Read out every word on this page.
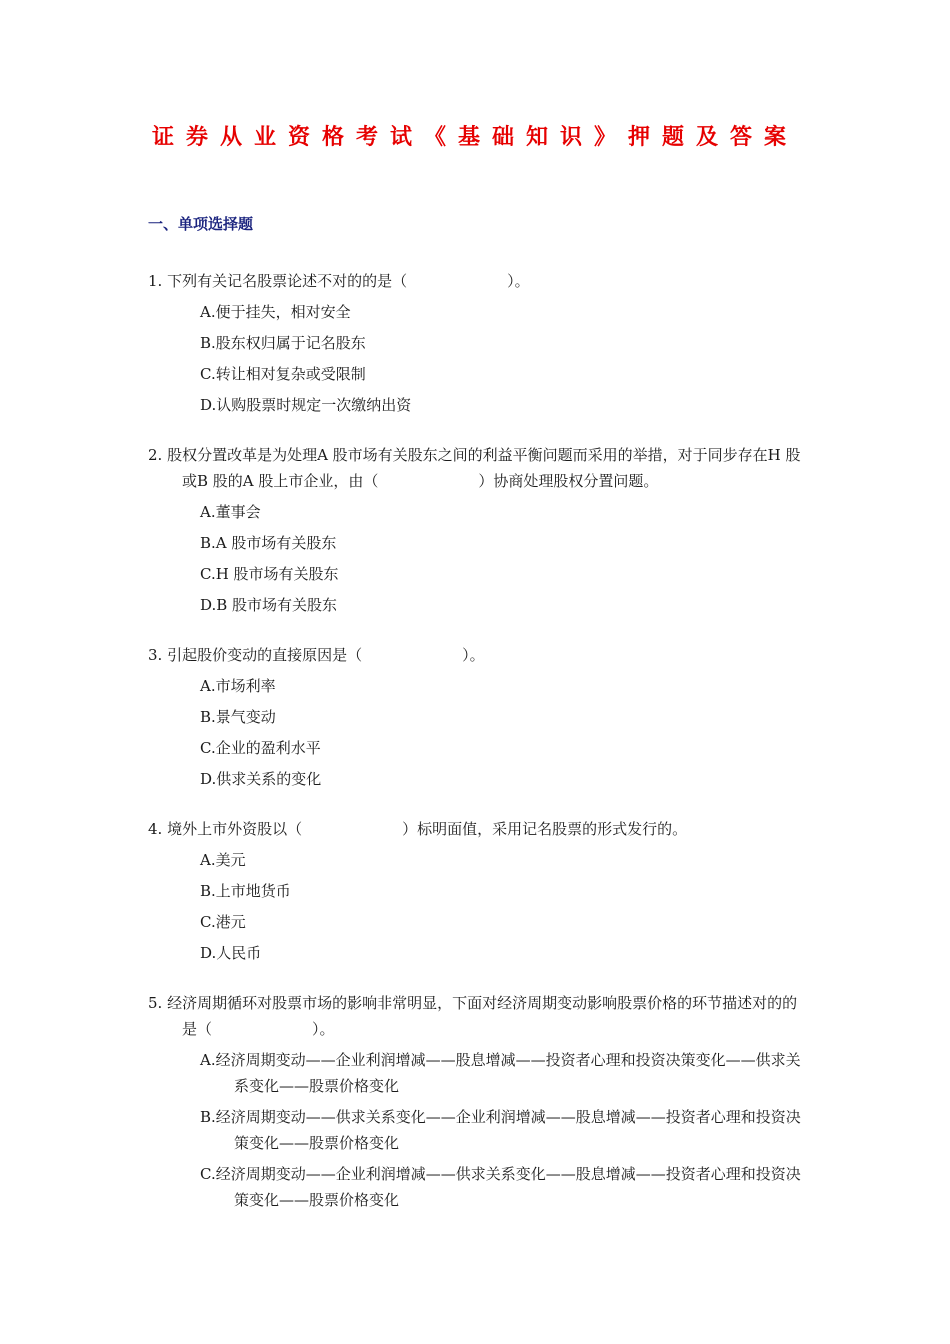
证券从业资格考试《基础知识》押题及答案
一、单项选择题
1. 下列有关记名股票论述不对的的是（	）。
A.便于挂失，相对安全
B.股东权归属于记名股东
C.转让相对复杂或受限制
D.认购股票时规定一次缴纳出资
2. 股权分置改革是为处理A 股市场有关股东之间的利益平衡问题而采用的举措，对于同步存在H 股或B 股的A 股上市企业，由（	）协商处理股权分置问题。
A.董事会
B.A 股市场有关股东
C.H 股市场有关股东
D.B 股市场有关股东
3. 引起股价变动的直接原因是（	）。
A.市场利率
B.景气变动
C.企业的盈利水平
D.供求关系的变化
4. 境外上市外资股以（	）标明面值，采用记名股票的形式发行的。
A.美元
B.上市地货币
C.港元
D.人民币
5. 经济周期循环对股票市场的影响非常明显，下面对经济周期变动影响股票价格的环节描述对的的是（	）。
A.经济周期变动——企业利润增减——股息增减——投资者心理和投资决策变化——供求关系变化——股票价格变化
B.经济周期变动——供求关系变化——企业利润增减——股息增减——投资者心理和投资决策变化——股票价格变化
C.经济周期变动——企业利润增减——供求关系变化——股息增减——投资者心理和投资决策变化——股票价格变化
